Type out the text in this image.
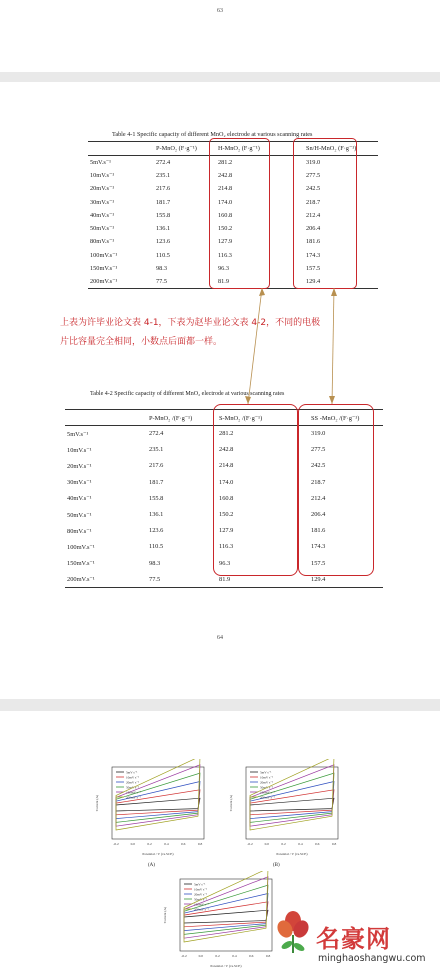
63
Table 4-1 Specific capacity of different MnO₂ electrode at various scanning rates
	P-MnO₂ (F·g⁻¹)	H-MnO₂ (F·g⁻¹)	Sn/H-MnO₂ (F·g⁻¹)
5mV.s⁻¹	272.4	281.2	319.0
10mV.s⁻¹	235.1	242.8	277.5
20mV.s⁻¹	217.6	214.8	242.5
30mV.s⁻¹	181.7	174.0	218.7
40mV.s⁻¹	155.8	160.8	212.4
50mV.s⁻¹	136.1	150.2	206.4
80mV.s⁻¹	123.6	127.9	181.6
100mV.s⁻¹	110.5	116.3	174.3
150mV.s⁻¹	98.3	96.3	157.5
200mV.s⁻¹	77.5	81.9	129.4
上表为许毕业论文表 4-1，下表为赵毕业论文表 4-2，不同的电极
片比容量完全相同，小数点后面都一样。
Table 4-2 Specific capacity of different MnO₂ electrode at various scanning rates
	P-MnO₂ /(F·g⁻¹)	S-MnO₂ /(F·g⁻¹)	SS -MnO₂ /(F·g⁻¹)
5mV.s⁻¹	272.4	281.2	319.0
10mV.s⁻¹	235.1	242.8	277.5
20mV.s⁻¹	217.6	214.8	242.5
30mV.s⁻¹	181.7	174.0	218.7
40mV.s⁻¹	155.8	160.8	212.4
50mV.s⁻¹	136.1	150.2	206.4
80mV.s⁻¹	123.6	127.9	181.6
100mV.s⁻¹	110.5	116.3	174.3
150mV.s⁻¹	98.3	96.3	157.5
200mV.s⁻¹	77.5	81.9	129.4
64
-0.2	0.0	0.2	0.4	0.6	0.8
Potential / V (vs.SCE)
Current (A)
5mV s⁻¹
10mV s⁻¹
20mV s⁻¹
50mV s⁻¹
100mV s⁻¹
200mV s⁻¹
-0.2	0.0	0.2	0.4	0.6	0.8
Potential / V (vs.SCE)
Current (A)
5mV s⁻¹
10mV s⁻¹
20mV s⁻¹
50mV s⁻¹
100mV s⁻¹
200mV s⁻¹
-0.2	0.0	0.2	0.4	0.6	0.8
Potential / V (vs.SCE)
Current (A)
5mV s⁻¹
10mV s⁻¹
20mV s⁻¹
50mV s⁻¹
100mV s⁻¹
200mV s⁻¹
(A)	(B)
名豪网
minghaoshangwu.com
